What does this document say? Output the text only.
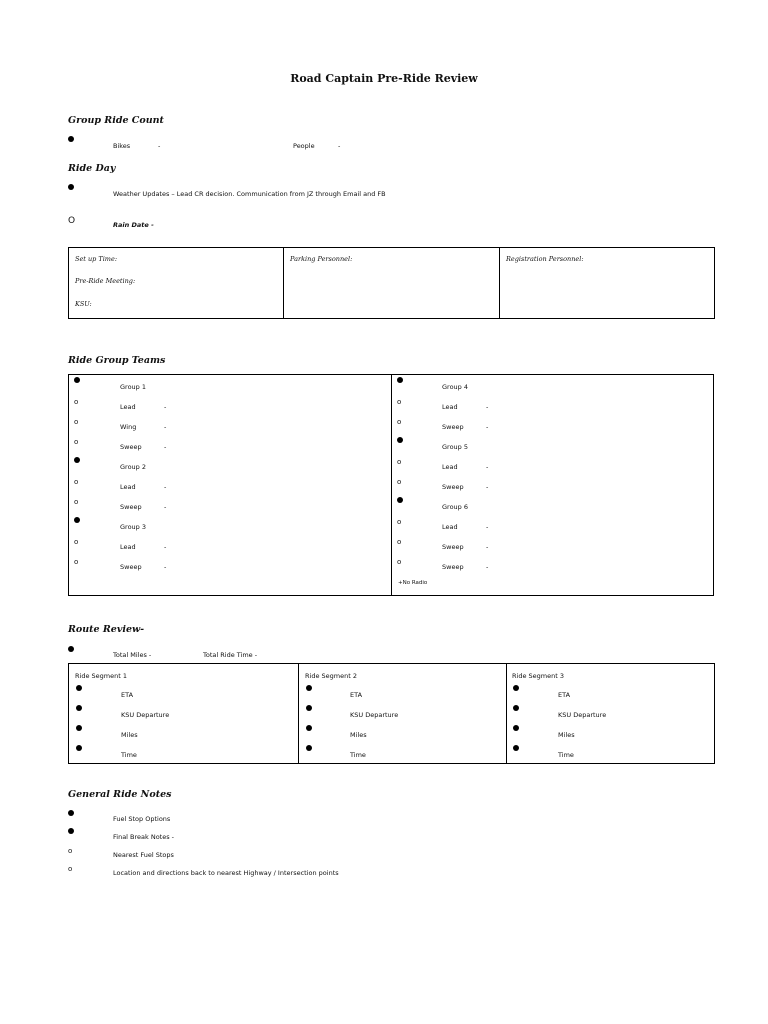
Road Captain Pre-Ride Review
Group Ride Count
Bikes	-	People	-
Ride Day
Weather Updates – Lead CR decision. Communication from JZ through Email and FB
O	Rain Date -
Set up Time:
Pre-Ride Meeting:
KSU:
Parking Personnel:	Registration Personnel:
Ride Group Teams
+No Radio
Route Review-
Total Miles -	Total Ride Time -
General Ride Notes
Group 1
o
Lead	-
o
Wing	-
o
Sweep	-
Group 2
o
Lead	-
o
Sweep	-
Group 3
o
Lead	-
o
Sweep	-
Group 4
o
Lead	-
o
Sweep	-
Group 5
o
Lead	-
o
Sweep	-
Group 6
o
Lead	-
o
Sweep	-
o
Sweep	-
Ride Segment 1
ETA
KSU Departure
Miles
Time
Ride Segment 2
ETA
KSU Departure
Miles
Time
Ride Segment 3
ETA
KSU Departure
Miles
Time
Fuel Stop Options
Final Break Notes -
o	Nearest Fuel Stops
o	Location and directions back to nearest Highway / Intersection points
